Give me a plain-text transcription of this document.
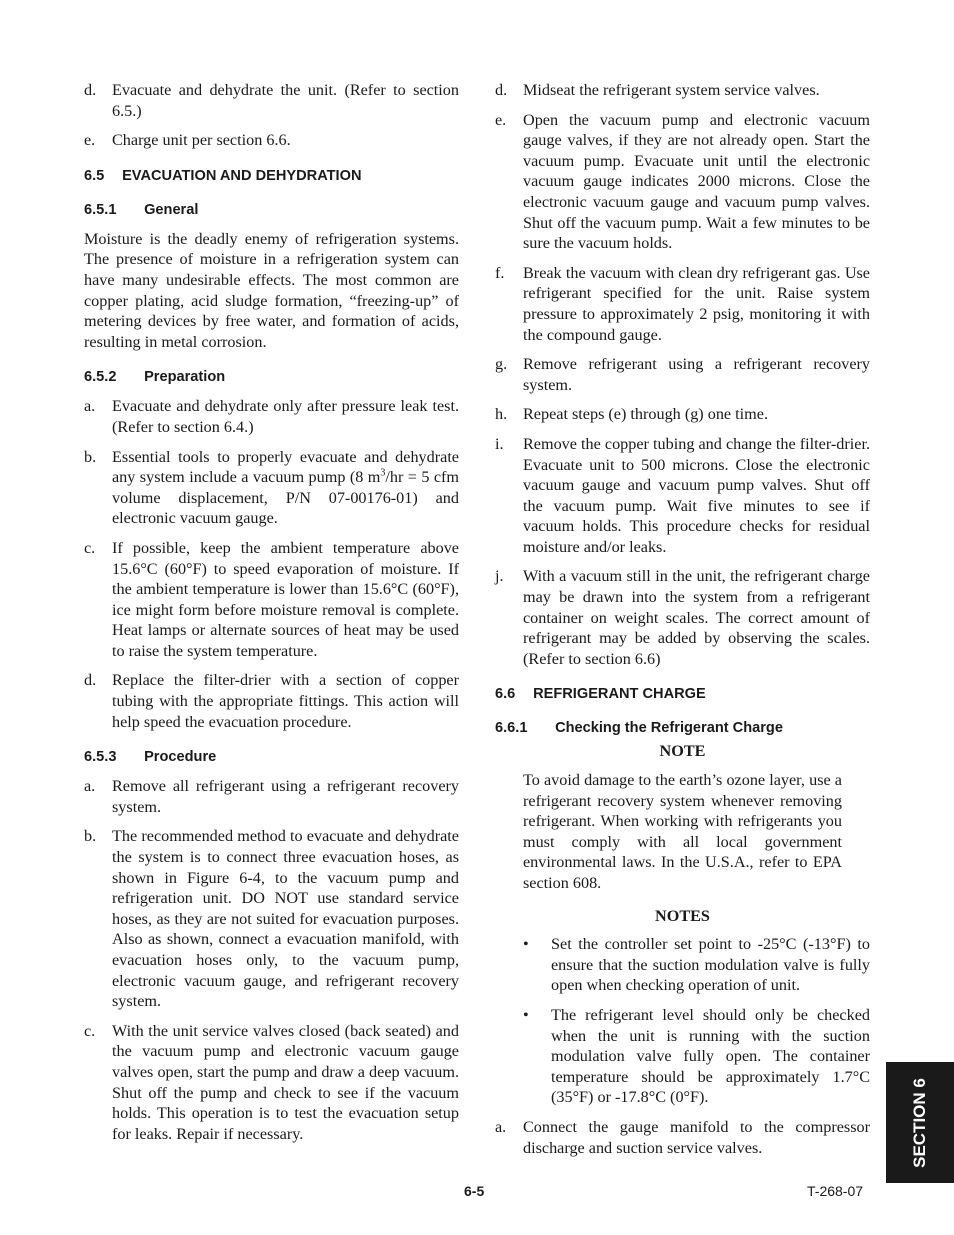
d. Evacuate and dehydrate the unit. (Refer to section 6.5.)
e.	Charge unit per section 6.6.
6.5 EVACUATION AND DEHYDRATION
6.5.1 General

Moisture is the deadly enemy of refrigeration systems. The presence of moisture in a refrigeration system can have many undesirable effects. The most common are copper plating, acid sludge formation, “freezing-up” of metering devices by free water, and formation of acids, resulting in metal corrosion.

6.5.2 Preparation
a.	Evacuate and dehydrate only after pressure leak test. (Refer to section 6.4.)
b. Essential tools to properly evacuate and dehydrate any system include a vacuum pump (8 $m^3/hr = 5$ cfm volume displacement, P/N 07-00176-01) and electronic vacuum gauge.
c.	If possible, keep the ambient temperature above 15.6°C (60°F) to speed evaporation of moisture. If the ambient temperature is lower than 15.6°C (60°F), ice might form before moisture removal is complete. Heat lamps or alternate sources of heat may be used to raise the system temperature.
d. Replace the filter-drier with a section of copper tubing with the appropriate fittings. This action will help speed the evacuation procedure.
6.5.3 Procedure
a.	Remove all refrigerant using a refrigerant recovery system.
b. The recommended method to evacuate and dehydrate the system is to connect three evacuation hoses, as shown in Figure 6-4, to the vacuum pump and refrigeration unit. DO NOT use standard service hoses, as they are not suited for evacuation purposes. Also as shown, connect a evacuation manifold, with evacuation hoses only, to the vacuum pump, electronic vacuum gauge, and refrigerant recovery system.
c.	With the unit service valves closed (back seated) and the vacuum pump and electronic vacuum gauge valves open, start the pump and draw a deep vacuum. Shut off the pump and check to see if the vacuum holds. This operation is to test the evacuation setup for leaks. Repair if necessary.
d. Midseat the refrigerant system service valves.
e.	Open the vacuum pump and electronic vacuum gauge valves, if they are not already open. Start the vacuum pump. Evacuate unit until the electronic vacuum gauge indicates 2000 microns. Close the electronic vacuum gauge and vacuum pump valves. Shut off the vacuum pump. Wait a few minutes to be sure the vacuum holds.
f.	Break the vacuum with clean dry refrigerant gas. Use refrigerant specified for the unit. Raise system pressure to approximately 2 psig, monitoring it with the compound gauge.
g. Remove refrigerant using a refrigerant recovery system.
h. Repeat steps (e) through (g) one time.
i.	Remove the copper tubing and change the filter-drier. Evacuate unit to 500 microns. Close the electronic vacuum gauge and vacuum pump valves. Shut off the vacuum pump. Wait five minutes to see if vacuum holds. This procedure checks for residual moisture and/or leaks.
j.	With a vacuum still in the unit, the refrigerant charge may be drawn into the system from a refrigerant container on weight scales. The correct amount of refrigerant may be added by observing the scales. (Refer to section 6.6)
6.6 REFRIGERANT CHARGE
6.6.1 Checking the Refrigerant Charge
NOTE

To avoid damage to the earth’s ozone layer, use a refrigerant recovery system whenever removing refrigerant. When working with refrigerants you must comply with all local government environmental laws. In the U.S.A., refer to EPA section 608.

NOTES
•	Set the controller set point to -25°C (-13°F) to ensure that the suction modulation valve is fully open when checking operation of unit.
•	The refrigerant level should only be checked when the unit is running with the suction modulation valve fully open. The container temperature should be approximately 1.7°C (35°F) or -17.8°C (0°F).
a.	Connect the gauge manifold to the compressor discharge and suction service valves.
6-5	T-268-07
SECTION 6
